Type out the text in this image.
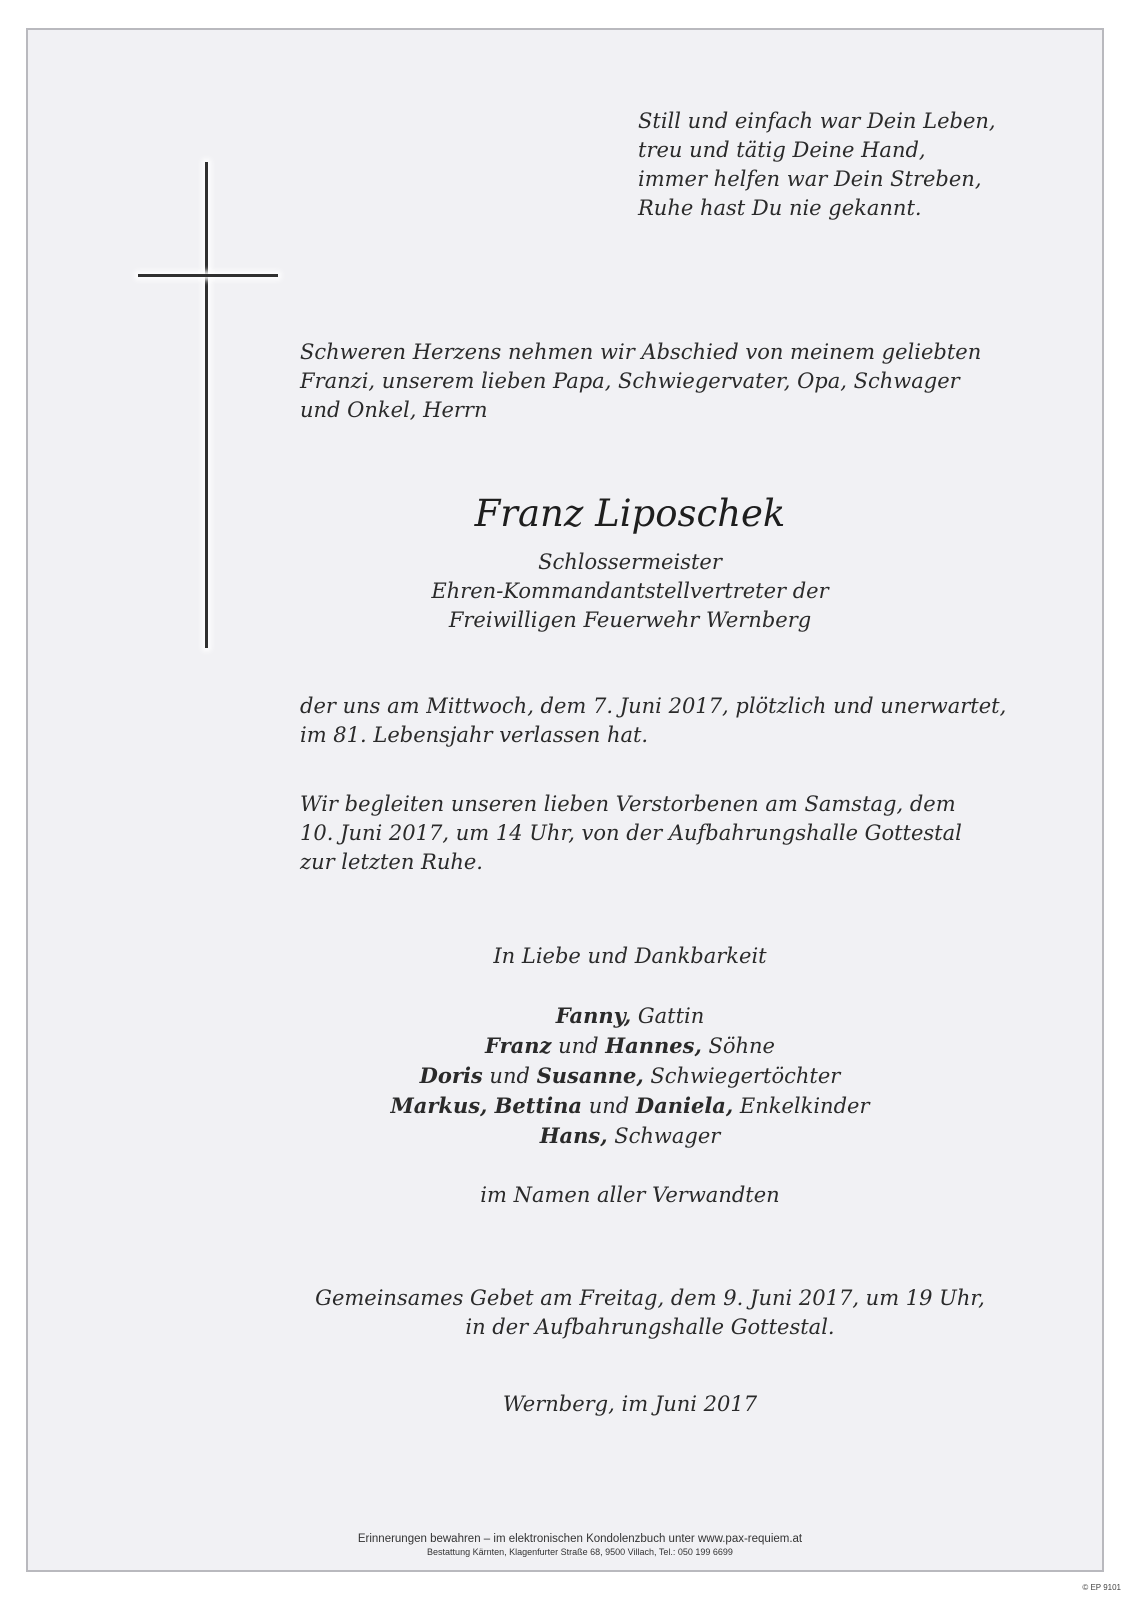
Still und einfach war Dein Leben,
treu und tätig Deine Hand,
immer helfen war Dein Streben,
Ruhe hast Du nie gekannt.
Schweren Herzens nehmen wir Abschied von meinem geliebten
Franzi, unserem lieben Papa, Schwiegervater, Opa, Schwager
und Onkel, Herrn
Franz Liposchek
Schlossermeister
Ehren-Kommandantstellvertreter der
Freiwilligen Feuerwehr Wernberg
der uns am Mittwoch, dem 7. Juni 2017, plötzlich und unerwartet,
im 81. Lebensjahr verlassen hat.
Wir begleiten unseren lieben Verstorbenen am Samstag, dem
10. Juni 2017, um 14 Uhr, von der Aufbahrungshalle Gottestal
zur letzten Ruhe.
In Liebe und Dankbarkeit
Fanny, Gattin
Franz und Hannes, Söhne
Doris und Susanne, Schwiegertöchter
Markus, Bettina und Daniela, Enkelkinder
Hans, Schwager
im Namen aller Verwandten
Gemeinsames Gebet am Freitag, dem 9. Juni 2017, um 19 Uhr,
in der Aufbahrungshalle Gottestal.
Wernberg, im Juni 2017
Erinnerungen bewahren – im elektronischen Kondolenzbuch unter www.pax-requiem.at
Bestattung Kärnten, Klagenfurter Straße 68, 9500 Villach, Tel.: 050 199 6699
© EP 9101
